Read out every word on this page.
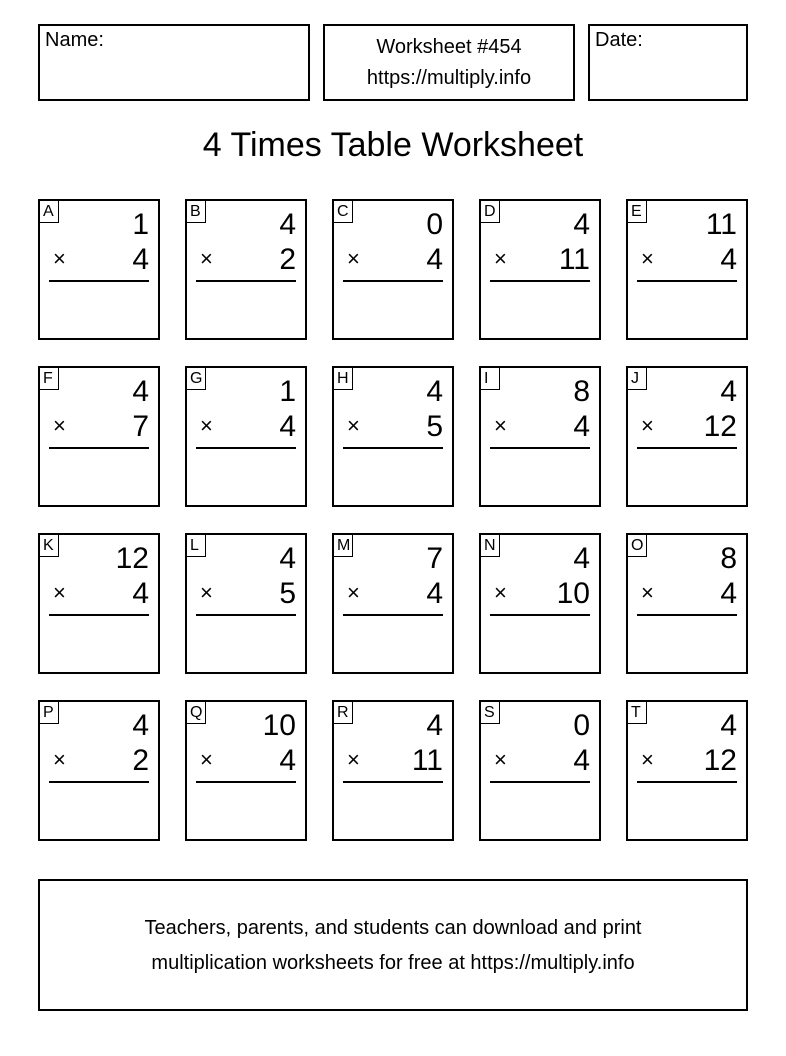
Name:	Worksheet #454
https://multiply.info
Date:
4 Times Table Worksheet
A	1
× 4
B	4
× 2
C	0
× 4
D	4
× 11
E 11
× 4
F	4
× 7
G	1
× 4
H	4
× 5
I	8
× 4
J	4
× 12
K 12
× 4
L	4
× 5
M	7
× 4
N	4
× 10
O	8
× 4
P	4
× 2
Q 10
× 4
R	4
× 11
S	0
× 4
T	4
× 12
Teachers, parents, and students can download and print
multiplication worksheets for free at https://multiply.info
